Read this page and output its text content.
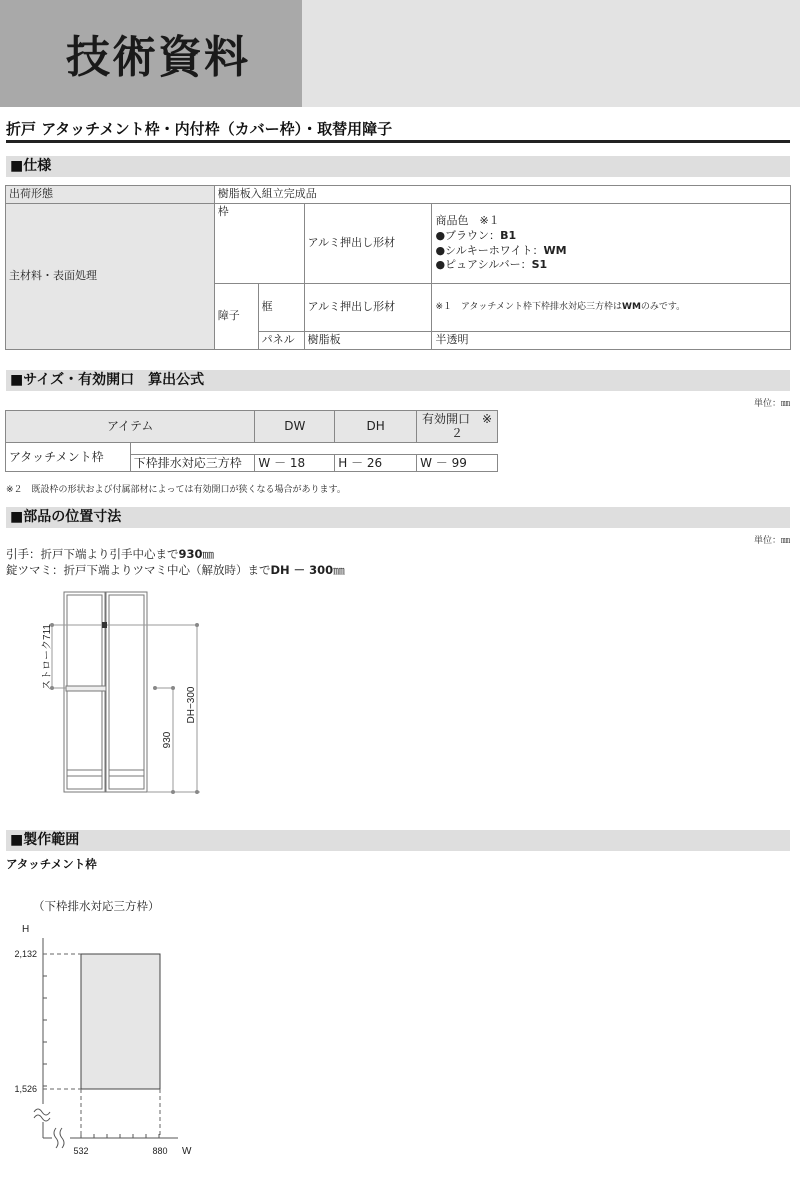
技術資料
折戸 アタッチメント枠・内付枠（カバー枠）・取替用障子
■仕様
出荷形態	樹脂板入組立完成品			
主材料・表面処理	枠		アルミ押出し形材	商品色　※１
●ブラウン：B1
●シルキーホワイト：WM
●ピュアシルバー：S1

	障子	框	アルミ押出し形材	※１　アタッチメント枠下枠排水対応三方枠はWMのみです。
		パネル	樹脂板	半透明
■サイズ・有効開口　算出公式
単位：㎜
アイテム		DW	DH	有効開口　※２
アタッチメント枠				
	下枠排水対応三方枠	W － 18	H － 26	W － 99
※２　既設枠の形状および付属部材によっては有効開口が狭くなる場合があります。
■部品の位置寸法
単位：㎜
引手：折戸下端より引手中心まで930㎜
錠ツマミ：折戸下端よりツマミ中心（解放時）までDH － 300㎜
ストローク711
930
DH−300
■製作範囲
アタッチメント枠
（下枠排水対応三方枠）
H
W
2,132
1,526
532	880
